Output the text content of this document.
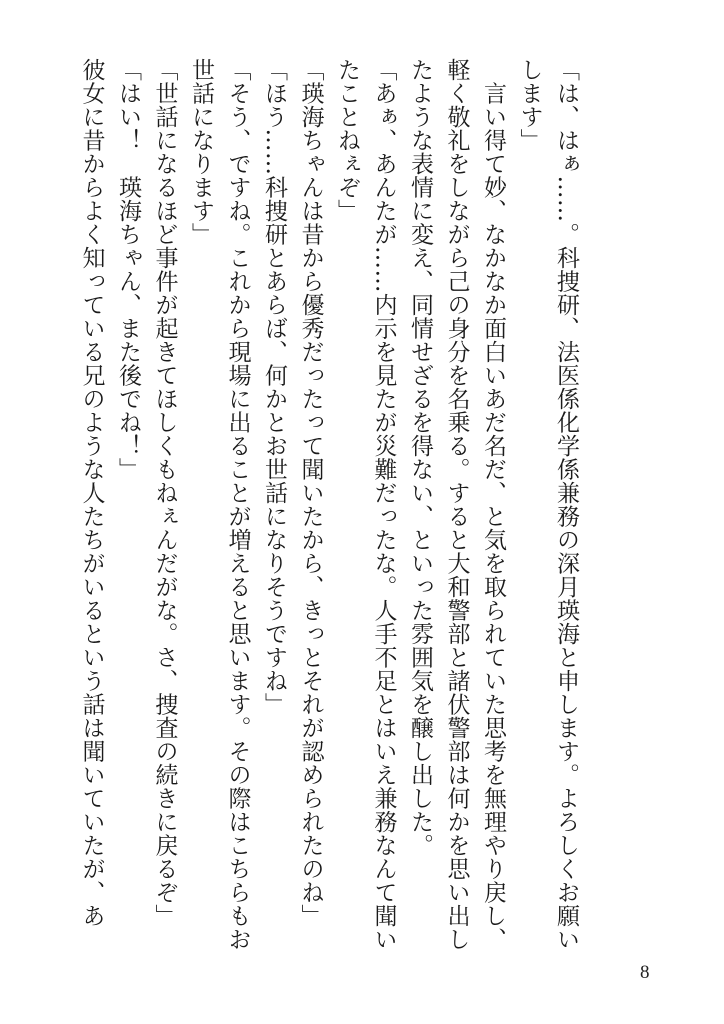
「は、はぁ……。科捜研、法医係化学係兼務の深月瑛海と申します。よろしくお願い
します」
　言い得て妙、なかなか面白いあだ名だ、と気を取られていた思考を無理やり戻し、
軽く敬礼をしながら己の身分を名乗る。すると大和警部と諸伏警部は何かを思い出し
たような表情に変え、同情せざるを得ない、といった雰囲気を醸し出した。
「あぁ、あんたが……内示を見たが災難だったな。人手不足とはいえ兼務なんて聞い
たことねぇぞ」
「瑛海ちゃんは昔から優秀だったって聞いたから、きっとそれが認められたのね」
「ほう……科捜研とあらば、何かとお世話になりそうですね」
「そう、ですね。これから現場に出ることが増えると思います。その際はこちらもお
世話になります」
「世話になるほど事件が起きてほしくもねぇんだがな。さ、捜査の続きに戻るぞ」
「はい！　瑛海ちゃん、また後でね！」
彼女に昔からよく知っている兄のような人たちがいるという話は聞いていたが、あ
8
